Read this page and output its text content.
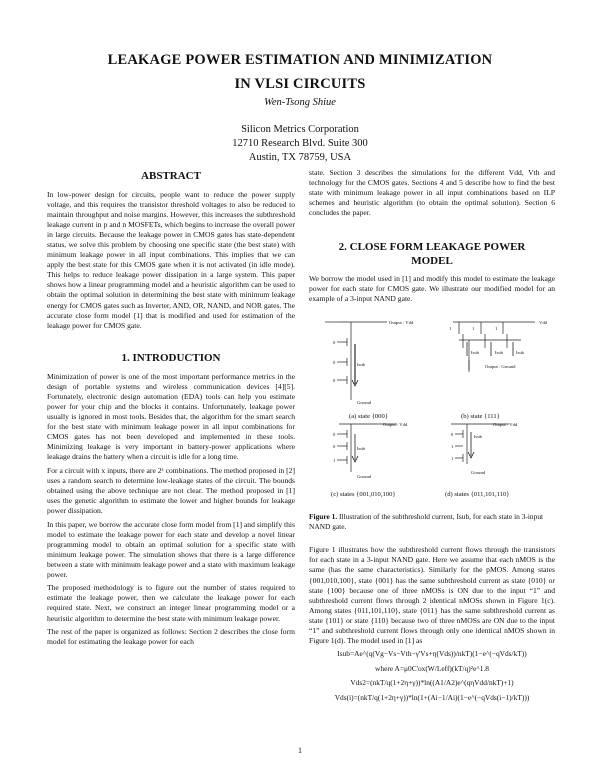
LEAKAGE POWER ESTIMATION AND MINIMIZATION
IN VLSI CIRCUITS
Wen-Tsong Shiue
Silicon Metrics Corporation
12710 Research Blvd. Suite 300
Austin, TX 78759, USA
ABSTRACT

In low-power design for circuits, people want to reduce the power supply voltage, and this requires the transistor threshold voltages to also be reduced to maintain throughput and noise margins. However, this increases the subthreshold leakage current in p and n MOSFETs, which begins to increase the overall power in large circuits. Because the leakage power in CMOS gates has state-dependent status, we solve this problem by choosing one specific state (the best state) with minimum leakage power in all input combinations. This implies that we can apply the best state for this CMOS gate when it is not activated (in idle mode). This helps to reduce leakage power dissipation in a large system. This paper shows how a linear programming model and a heuristic algorithm can be used to obtain the optimal solution in determining the best state with minimum leakage energy for CMOS gates such as Inverter, AND, OR, NAND, and NOR gates. The accurate close form model [1] that is modified and used for estimation of the leakage power for CMOS gate.

1. INTRODUCTION

Minimization of power is one of the most important performance metrics in the design of portable systems and wireless communication devices [4][5]. Fortunately, electronic design automation (EDA) tools can help you estimate power for your chip and the blocks it contains. Unfortunately, leakage power usually is ignored in most tools. Besides that, the algorithm for the smart search for the best state with minimum leakage power in all input combinations for CMOS gates has not been developed and implemented in these tools. Minimizing leakage is very important in battery-power applications where leakage drains the battery when a circuit is idle for a long time.

For a circuit with x inputs, there are 2ˣ combinations. The method proposed in [2] uses a random search to determine low-leakage states of the circuit. The bounds obtained using the above technique are not clear. The method proposed in [1] uses the genetic algorithm to estimate the lower and higher bounds for leakage power dissipation.

In this paper, we borrow the accurate close form model from [1] and simplify this model to estimate the leakage power for each state and develop a novel linear programming model to obtain an optimal solution for a specific state with minimum leakage power. The simulation shows that there is a large difference between a state with minimum leakage power and a state with maximum leakage power.

The proposed methodology is to figure out the number of states required to estimate the leakage power, then we calculate the leakage power for each required state. Next, we construct an integer linear programming model or a heuristic algorithm to determine the best state with minimum leakage power.

The rest of the paper is organized as follows: Section 2 describes the close form model for estimating the leakage power for each

state. Section 3 describes the simulations for the different Vdd, Vth and technology for the CMOS gates. Sections 4 and 5 describe how to find the best state with minimum leakage power in all input combinations based on ILP schemes and heuristic algorithm (to obtain the optimal solution). Section 6 concludes the paper.

2. CLOSE FORM LEAKAGE POWER
MODEL

We borrow the model used in [1] and modify this model to estimate the leakage power for each state for CMOS gate. We illustrate our modified model for an example of a 3-input NAND gate.

Output : Vdd	Vdd
0
0
0
Isub
Ground
1	1	1
Isub	Isub	Isub
Output : Ground
Output : Vdd
0
0
1
Isub
Ground
Output : Vdd
0
1
1
Isub
Ground
(a) state {000}	(b) state {111}
(c) states {001,010,100}	(d) states {011,101,110}

Figure 1. Illustration of the subthreshold current, Isub, for each state in 3-input NAND gate.

Figure 1 illustrates how the subthreshold current flows through the transistors for each state in a 3-input NAND gate. Here we assume that each nMOS is the same (has the same characteristics). Similarly for the pMOS. Among states {001,010,100}, state {001} has the same subthreshold current as state {010} or state {100} because one of three nMOSs is ON due to the input “1” and subthreshold current flows through 2 identical nMOSs shown in Figure 1(c). Among states {011,101,110}, state {011} has the same subthreshold current as state {101} or state {110} because two of three nMOSs are ON due to the input “1” and subthreshold current flows through only one identical nMOS shown in Figure 1(d). The model used in [1] as

Isub=Ae^(q(Vg−Vs−Vth−γ'Vs+η(Vds))/nkT)(1−e^(−qVds/kT))

where A=μ0C'ox(W/Leff)(kT/q)²e^1.8

Vds2=(nkT/q(1+2η+γ))*ln((A1/A2)e^(qηVdd/nkT)+1)

Vds(i)=(nkT/q(1+2η+γ))*ln(1+(Ai−1/Ai)(1−e^(−qVds(i−1)/kT)))

1
